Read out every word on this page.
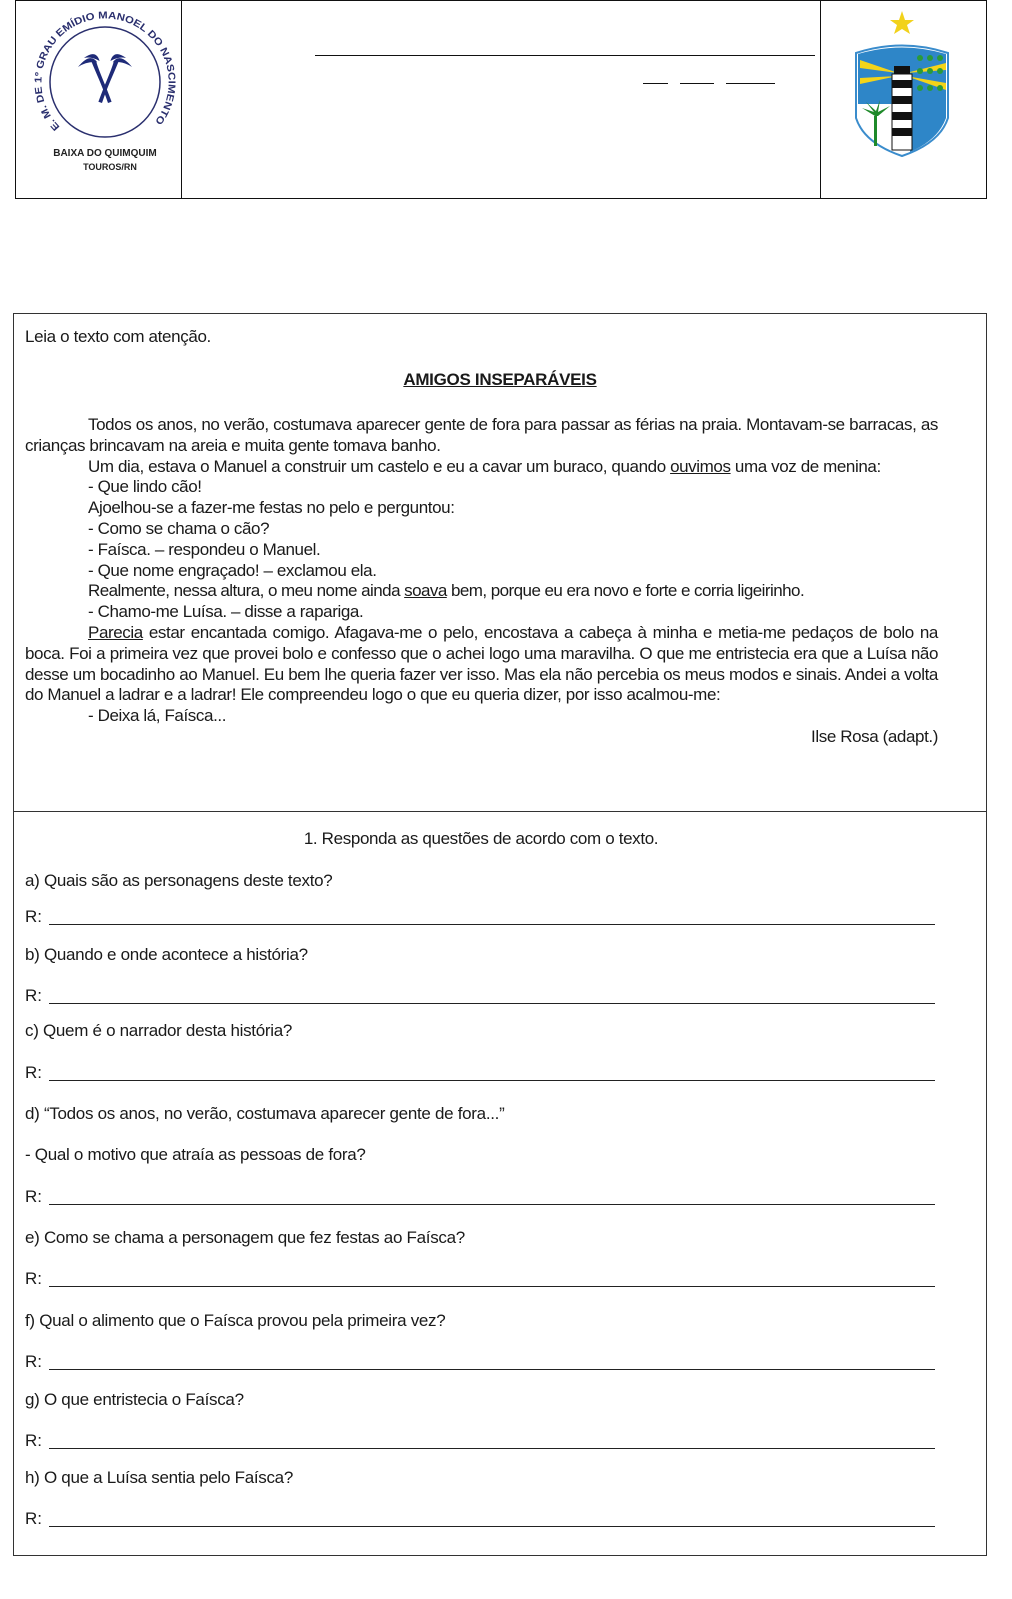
E. M. DE 1º GRAU EMÍDIO MANOEL DO NASCIMENTO
BAIXA DO QUIMQUIM
TOUROS/RN
Leia o texto com atenção.
AMIGOS INSEPARÁVEIS

Todos os anos, no verão, costumava aparecer gente de fora para passar as férias na praia. Montavam-se barracas, as crianças brincavam na areia e muita gente tomava banho.

Um dia, estava o Manuel a construir um castelo e eu a cavar um buraco, quando ouvimos uma voz de menina:

- Que lindo cão!
Ajoelhou-se a fazer-me festas no pelo e perguntou:
- Como se chama o cão?
- Faísca. – respondeu o Manuel.
- Que nome engraçado! – exclamou ela.
Realmente, nessa altura, o meu nome ainda soava bem, porque eu era novo e forte e corria ligeirinho.
- Chamo-me Luísa. – disse a rapariga.

Parecia estar encantada comigo. Afagava-me o pelo, encostava a cabeça à minha e metia-me pedaços de bolo na boca. Foi a primeira vez que provei bolo e confesso que o achei logo uma maravilha. O que me entristecia era que a Luísa não desse um bocadinho ao Manuel. Eu bem lhe queria fazer ver isso. Mas ela não percebia os meus modos e sinais. Andei a volta do Manuel a ladrar e a ladrar! Ele compreendeu logo o que eu queria dizer, por isso acalmou-me:

- Deixa lá, Faísca...
Ilse Rosa (adapt.)
1. Responda as questões de acordo com o texto.
a) Quais são as personagens deste texto?
R:
b) Quando e onde acontece a história?
R:
c) Quem é o narrador desta história?
R:
d) “Todos os anos, no verão, costumava aparecer gente de fora...”
- Qual o motivo que atraía as pessoas de fora?
R:
e) Como se chama a personagem que fez festas ao Faísca?
R:
f) Qual o alimento que o Faísca provou pela primeira vez?
R:
g) O que entristecia o Faísca?
R:
h) O que a Luísa sentia pelo Faísca?
R:
